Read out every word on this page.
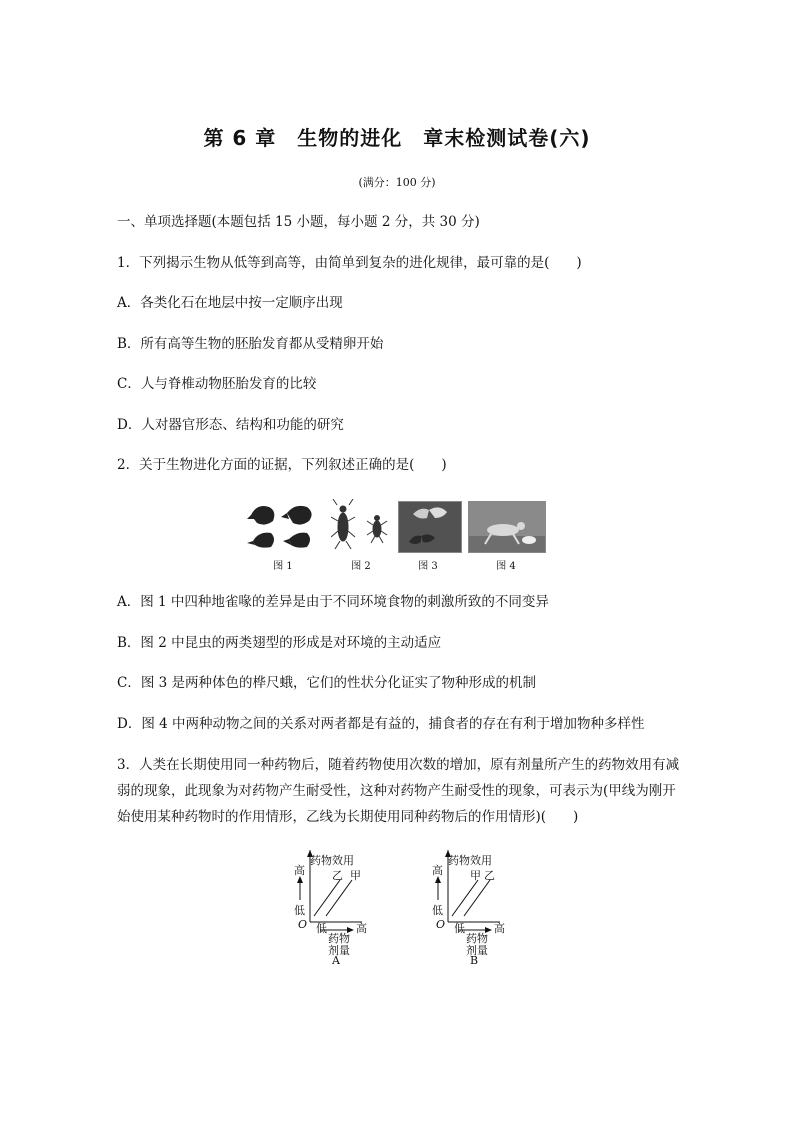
第 6 章　生物的进化　章末检测试卷(六)
(满分：100 分)
一、单项选择题(本题包括 15 小题，每小题 2 分，共 30 分)
1．下列揭示生物从低等到高等，由简单到复杂的进化规律，最可靠的是(　　)
A．各类化石在地层中按一定顺序出现
B．所有高等生物的胚胎发育都从受精卵开始
C．人与脊椎动物胚胎发育的比较
D．人对器官形态、结构和功能的研究
2．关于生物进化方面的证据，下列叙述正确的是(　　)
图 1	图 2	图 3	图 4
A．图 1 中四种地雀喙的差异是由于不同环境食物的刺激所致的不同变异
B．图 2 中昆虫的两类翅型的形成是对环境的主动适应
C．图 3 是两种体色的桦尺蛾，它们的性状分化证实了物种形成的机制
D．图 4 中两种动物之间的关系对两者都是有益的，捕食者的存在有利于增加物种多样性
3．人类在长期使用同一种药物后，随着药物使用次数的增加，原有剂量所产生的药物效用有减弱的现象，此现象为对药物产生耐受性，这种对药物产生耐受性的现象，可表示为(甲线为刚开始使用某种药物时的作用情形，乙线为长期使用同种药物后的作用情形)(　　)
药物效用
高
低
O
乙 甲
低	高
药物
剂量
A
药物效用
高
低
O
甲 乙
低	高
药物
剂量
B
